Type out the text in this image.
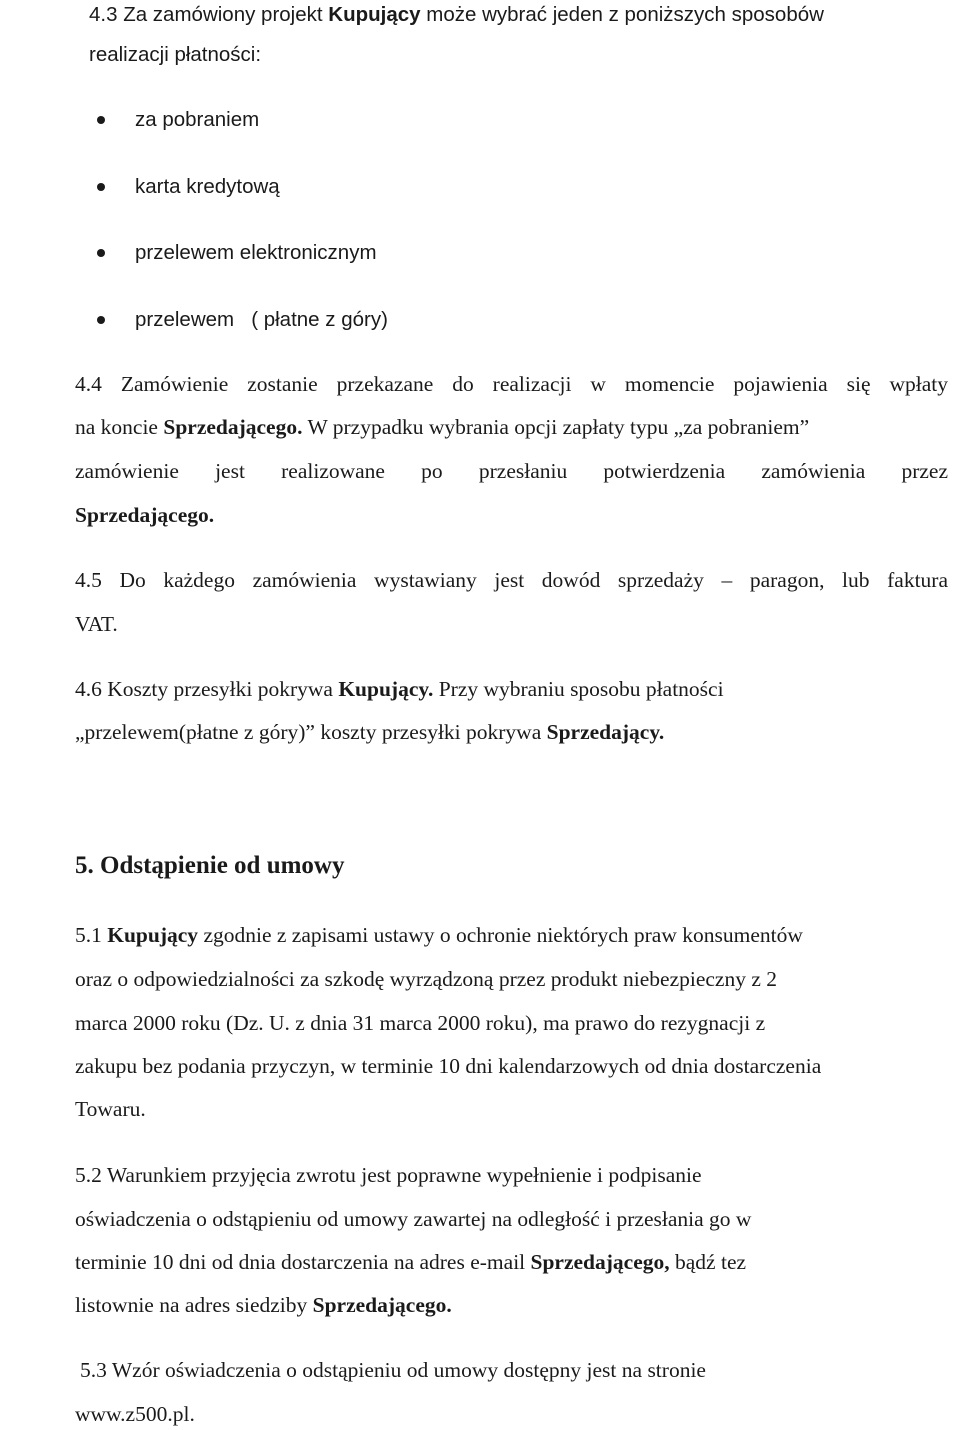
4.3 Za zamówiony projekt Kupujący może wybrać jeden z poniższych sposobów
realizacji płatności:
za pobraniem
karta kredytową
przelewem elektronicznym
przelewem   ( płatne z góry)
4.4 Zamówienie zostanie przekazane do realizacji w momencie pojawienia się wpłaty
na koncie Sprzedającego. W przypadku wybrania opcji zapłaty typu „za pobraniem”
zamówienie jest realizowane po przesłaniu potwierdzenia zamówienia przez
Sprzedającego.
4.5 Do każdego zamówienia wystawiany jest dowód sprzedaży – paragon, lub faktura
VAT.
4.6 Koszty przesyłki pokrywa Kupujący. Przy wybraniu sposobu płatności
„przelewem(płatne z góry)” koszty przesyłki pokrywa Sprzedający.
5. Odstąpienie od umowy
5.1 Kupujący zgodnie z zapisami ustawy o ochronie niektórych praw konsumentów
oraz o odpowiedzialności za szkodę wyrządzoną przez produkt niebezpieczny z 2
marca 2000 roku (Dz. U. z dnia 31 marca 2000 roku), ma prawo do rezygnacji z
zakupu bez podania przyczyn, w terminie 10 dni kalendarzowych od dnia dostarczenia
Towaru.
5.2 Warunkiem przyjęcia zwrotu jest poprawne wypełnienie i podpisanie
oświadczenia o odstąpieniu od umowy zawartej na odległość i przesłania go w
terminie 10 dni od dnia dostarczenia na adres e-mail Sprzedającego, bądź tez
listownie na adres siedziby Sprzedającego.
5.3 Wzór oświadczenia o odstąpieniu od umowy dostępny jest na stronie
www.z500.pl.
